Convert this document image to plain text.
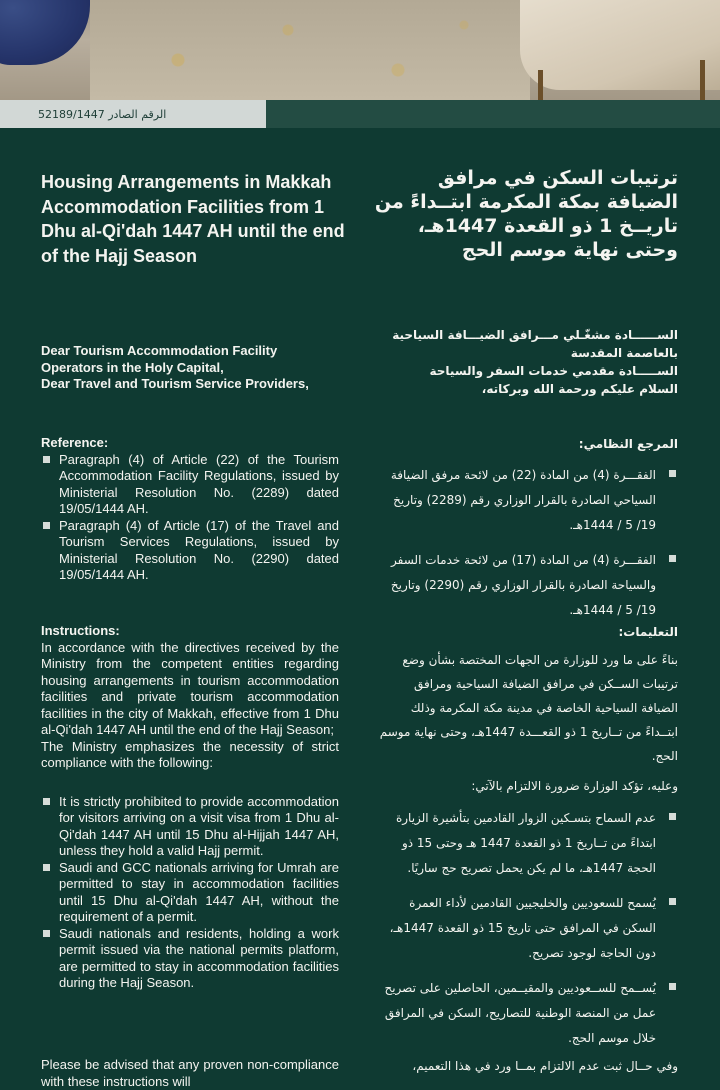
الرقم الصادر 52189/1447
Housing Arrangements in Makkah Accommodation Facilities from 1 Dhu al-Qi'dah 1447 AH until the end of the Hajj Season
ترتيبات السكن في مرافق الضيافة بمكة المكرمة ابتــداءً من تاريــخ 1 ذو القعدة 1447هـ، وحتى نهاية موسم الحج
Dear Tourism Accommodation Facility Operators in the Holy Capital,
Dear Travel and Tourism Service Providers,
الســــــادة مشغّـلي مـــرافق الضيـــافة السياحية بالعاصمة المقدسة
الســـــادة مقدمي خدمات السفر والسياحة
السلام عليكم ورحمة الله وبركاته،

Reference:

Paragraph (4) of Article (22) of the Tourism Accommodation Facility Regulations, issued by Ministerial Resolution No. (2289) dated 19/05/1444 AH.
Paragraph (4) of Article (17) of the Travel and Tourism Services Regulations, issued by Ministerial Resolution No. (2290) dated 19/05/1444 AH.

المرجع النظامي:

الفقـــرة (4) من المادة (22) من لائحة مرفق الضيافة السياحي الصادرة بالقرار الوزاري رقم (2289) وتاريخ 19/ 5 / 1444هـ.
الفقـــرة (4) من المادة (17) من لائحة خدمات السفر والسياحة الصادرة بالقرار الوزاري رقم (2290) وتاريخ 19/ 5 / 1444هـ.

Instructions:

In accordance with the directives received by the Ministry from the competent entities regarding housing arrangements in tourism accommodation facilities and private tourism accommodation facilities in the city of Makkah, effective from 1 Dhu al-Qi'dah 1447 AH until the end of the Hajj Season;

The Ministry emphasizes the necessity of strict compliance with the following:

It is strictly prohibited to provide accommodation for visitors arriving on a visit visa from 1 Dhu al-Qi'dah 1447 AH until 15 Dhu al-Hijjah 1447 AH, unless they hold a valid Hajj permit.
Saudi and GCC nationals arriving for Umrah are permitted to stay in accommodation facilities until 15 Dhu al-Qi'dah 1447 AH, without the requirement of a permit.
Saudi nationals and residents, holding a work permit issued via the national permits platform, are permitted to stay in accommodation facilities during the Hajj Season.

التعليمات:

بناءً على ما ورد للوزارة من الجهات المختصة بشأن وضع ترتيبات الســكن في مرافق الضيافة السياحية ومرافق الضيافة السياحية الخاصة في مدينة مكة المكرمة وذلك ابتــداءً من تــاريخ 1 ذو القعـــدة 1447هـ، وحتى نهاية موسم الحج.

وعليه، تؤكد الوزارة ضرورة الالتزام بالآتي:

عدم السماح بتسـكين الزوار القادمين بتأشيرة الزيارة ابتداءً من تــاريخ 1 ذو القعدة 1447 هـ وحتى 15 ذو الحجة 1447هـ، ما لم يكن يحمل تصريح حج ساريًا.
يُسمح للسعوديين والخليجيين القادمين لأداء العمرة السكن في المرافق حتى تاريخ 15 ذو القعدة 1447هـ، دون الحاجة لوجود تصريح.
يُســمح للســعوديين والمقيــمين، الحاصلين على تصريح عمل من المنصة الوطنية للتصاريح، السكن في المرافق خلال موسم الحج.
Please be advised that any proven non-compliance with these instructions will
وفي حــال ثبت عدم الالتزام بمــا ورد في هذا التعميم،
